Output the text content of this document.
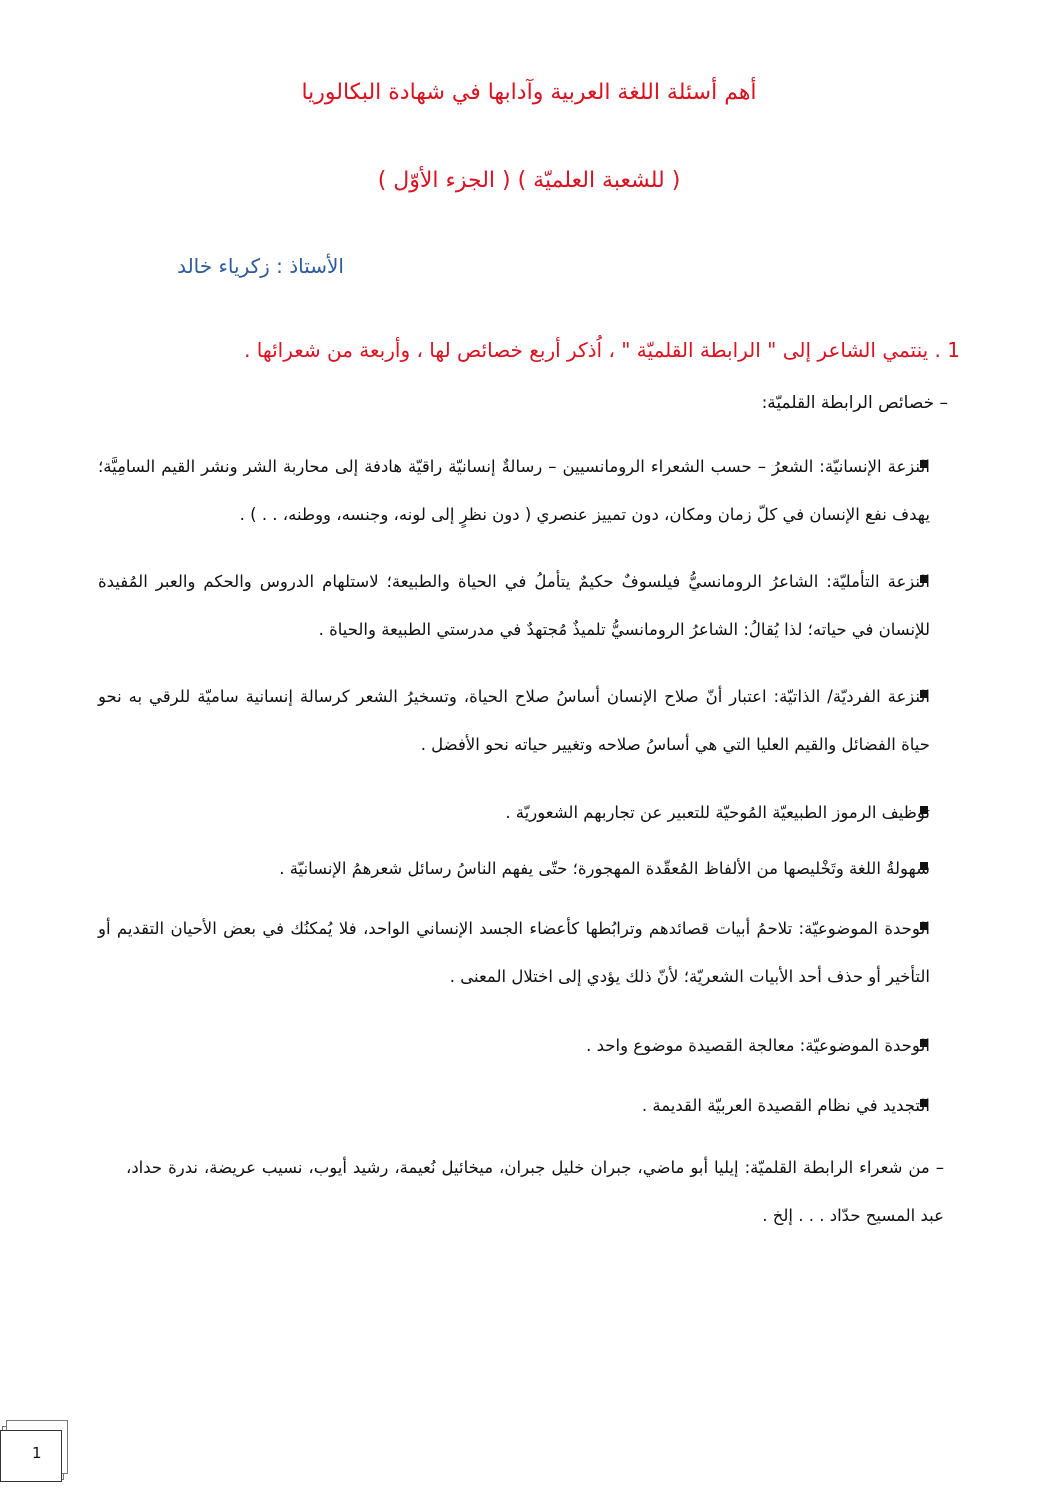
أهم أسئلة اللغة العربية وآدابها في شهادة البكالوريا
( للشعبة العلميّة ) ( الجزء الأوّل )
الأستاذ : زكرياء خالد
1 . ينتمي الشاعر إلى " الرابطة القلميّة " ، اُذكر أربع خصائص لها ، وأربعة من شعرائها .
– خصائص الرابطة القلميّة:
النزعة الإنسانيّة: الشعرُ – حسب الشعراء الرومانسيين – رسالةٌ إنسانيّة راقيّة هادفة إلى محاربة الشر ونشر القيم السامِيَّة؛ يهدف نفع الإنسان في كلّ زمان ومكان، دون تمييز عنصري ( دون نظرٍ إلى لونه، وجنسه، ووطنه، . . ) .
النزعة التأمليّة: الشاعرُ الرومانسيُّ فيلسوفٌ حكيمٌ يتأملُ في الحياة والطبيعة؛ لاستلهام الدروس والحكم والعبر المُفيدة للإنسان في حياته؛ لذا يُقالُ: الشاعرُ الرومانسيُّ تلميذٌ مُجتهدٌ في مدرستي الطبيعة والحياة .
النزعة الفرديّة/ الذاتيّة: اعتبار أنّ صلاح الإنسان أساسُ صلاح الحياة، وتسخيرُ الشعر كرسالة إنسانية ساميّة للرقي به نحو حياة الفضائل والقيم العليا التي هي أساسُ صلاحه وتغيير حياته نحو الأفضل .
توظيف الرموز الطبيعيّة المُوحيّة للتعبير عن تجاربهم الشعوريّة .
سهولةُ اللغة وتَخْليصها من الألفاظ المُعقّدة المهجورة؛ حتّى يفهم الناسُ رسائل شعرهمُ الإنسانيّة .
الوحدة الموضوعيّة: تلاحمُ أبيات قصائدهم وترابُطها كأعضاء الجسد الإنساني الواحد، فلا يُمكنُك في بعض الأحيان التقديم أو التأخير أو حذف أحد الأبيات الشعريّة؛ لأنّ ذلك يؤدي إلى اختلال المعنى .
الوحدة الموضوعيّة: معالجة القصيدة موضوع واحد .
التجديد في نظام القصيدة العربيّة القديمة .
– من شعراء الرابطة القلميّة: إيليا أبو ماضي، جبران خليل جبران، ميخائيل نُعيمة، رشيد أيوب، نسيب عريضة، ندرة حداد، عبد المسيح حدّاد . . . إلخ .
1
